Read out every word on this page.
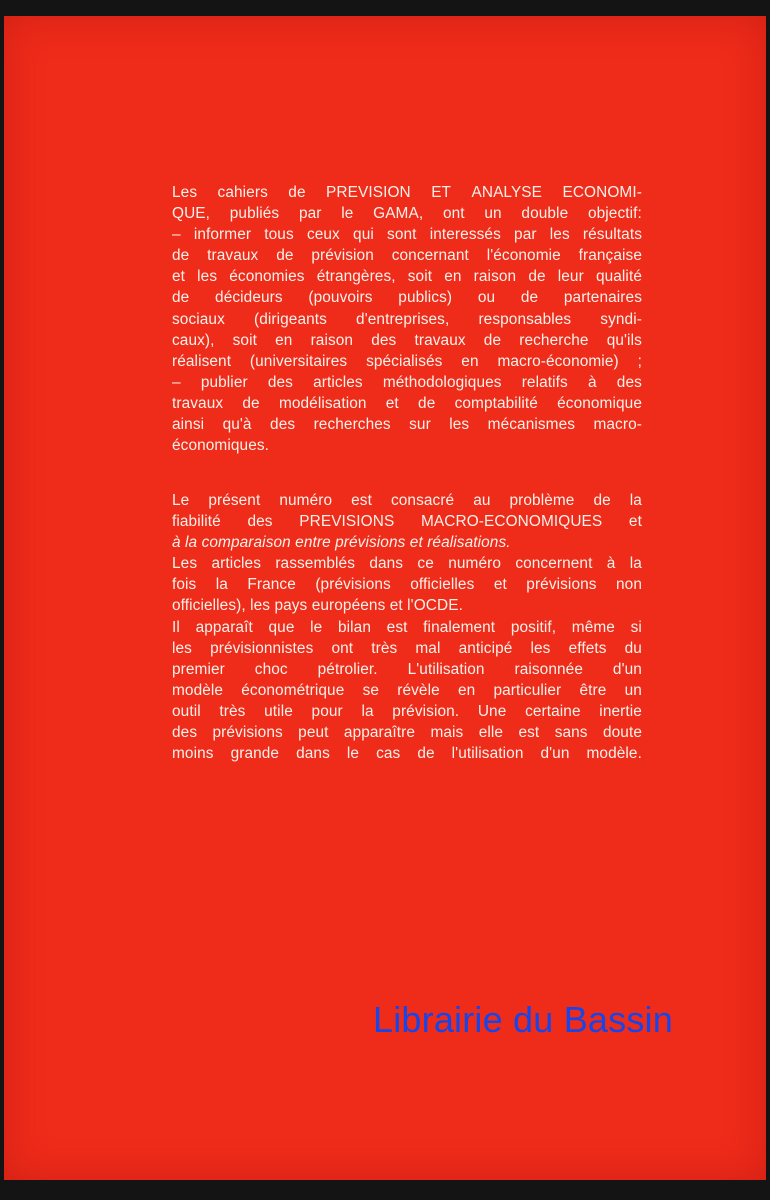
Les cahiers de PREVISION ET ANALYSE ECONOMI-
QUE, publiés par le GAMA, ont un double objectif:
– informer tous ceux qui sont interessés par les résultats
de travaux de prévision concernant l'économie française
et les économies étrangères, soit en raison de leur qualité
de décideurs (pouvoirs publics) ou de partenaires
sociaux (dirigeants d'entreprises, responsables syndi-
caux), soit en raison des travaux de recherche qu'ils
réalisent (universitaires spécialisés en macro-économie) ;
– publier des articles méthodologiques relatifs à des
travaux de modélisation et de comptabilité économique
ainsi qu'à des recherches sur les mécanismes macro-
économiques.
Le présent numéro est consacré au problème de la
fiabilité des PREVISIONS MACRO-ECONOMIQUES et
à la comparaison entre prévisions et réalisations.
Les articles rassemblés dans ce numéro concernent à la
fois la France (prévisions officielles et prévisions non
officielles), les pays européens et l'OCDE.
Il apparaît que le bilan est finalement positif, même si
les prévisionnistes ont très mal anticipé les effets du
premier choc pétrolier. L'utilisation raisonnée d'un
modèle économétrique se révèle en particulier être un
outil très utile pour la prévision. Une certaine inertie
des prévisions peut apparaître mais elle est sans doute
moins grande dans le cas de l'utilisation d'un modèle.
Librairie du Bassin
